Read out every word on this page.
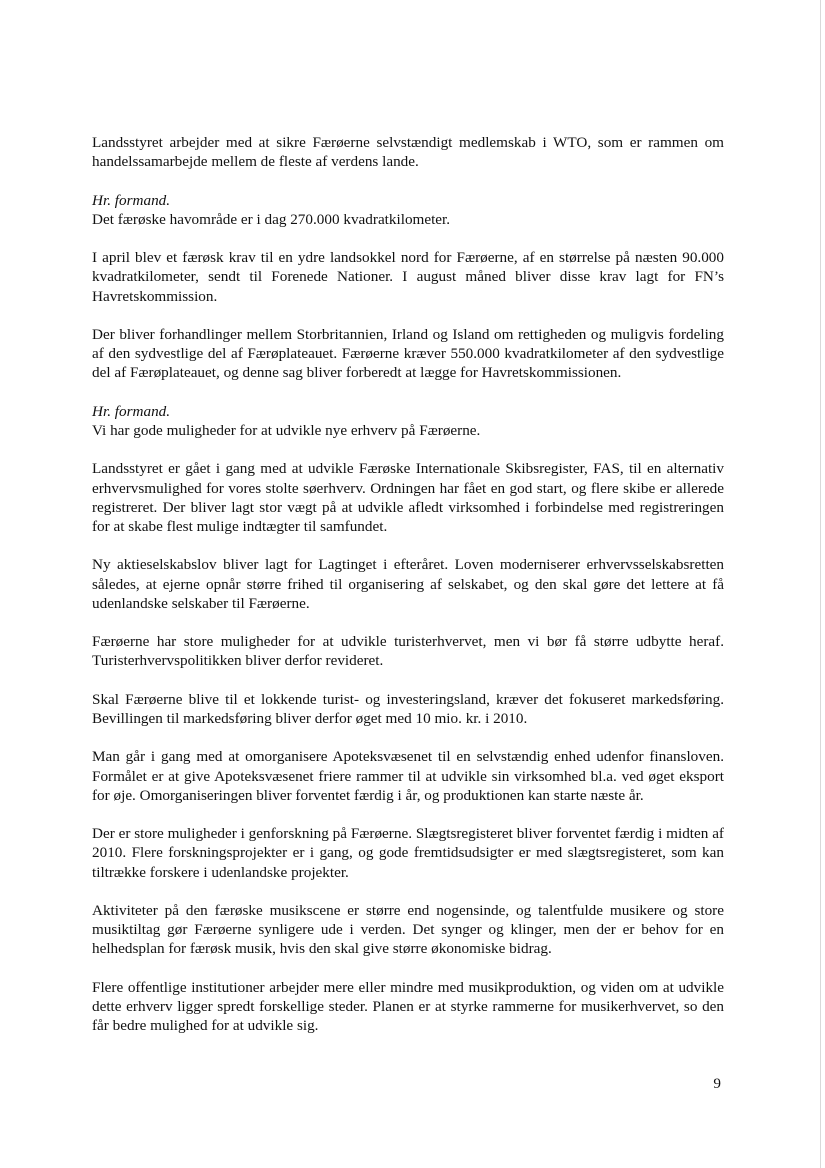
Landsstyret arbejder med at sikre Færøerne selvstændigt medlemskab i WTO, som er rammen om handelssamarbejde mellem de fleste af verdens lande.

Hr. formand.
Det færøske havområde er i dag 270.000 kvadratkilometer.

I april blev et færøsk krav til en ydre landsokkel nord for Færøerne, af en størrelse på næsten 90.000 kvadratkilometer, sendt til Forenede Nationer. I august måned bliver disse krav lagt for FN’s Havretskommission.

Der bliver forhandlinger mellem Storbritannien, Irland og Island om rettigheden og muligvis fordeling af den sydvestlige del af Færøplateauet. Færøerne kræver 550.000 kvadratkilometer af den sydvestlige del af Færøplateauet, og denne sag bliver forberedt at lægge for Havretskommissionen.

Hr. formand.
Vi har gode muligheder for at udvikle nye erhverv på Færøerne.

Landsstyret er gået i gang med at udvikle Færøske Internationale Skibsregister, FAS, til en alternativ erhvervsmulighed for vores stolte søerhverv. Ordningen har fået en god start, og flere skibe er allerede registreret. Der bliver lagt stor vægt på at udvikle afledt virksomhed i forbindelse med registreringen for at skabe flest mulige indtægter til samfundet.

Ny aktieselskabslov bliver lagt for Lagtinget i efteråret. Loven moderniserer erhvervsselskabsretten således, at ejerne opnår større frihed til organisering af selskabet, og den skal gøre det lettere at få udenlandske selskaber til Færøerne.

Færøerne har store muligheder for at udvikle turisterhvervet, men vi bør få større udbytte heraf. Turisterhvervspolitikken bliver derfor revideret.

Skal Færøerne blive til et lokkende turist- og investeringsland, kræver det fokuseret markedsføring. Bevillingen til markedsføring bliver derfor øget med 10 mio. kr. i 2010.

Man går i gang med at omorganisere Apoteksvæsenet til en selvstændig enhed udenfor finansloven. Formålet er at give Apoteksvæsenet friere rammer til at udvikle sin virksomhed bl.a. ved øget eksport for øje. Omorganiseringen bliver forventet færdig i år, og produktionen kan starte næste år.

Der er store muligheder i genforskning på Færøerne. Slægtsregisteret bliver forventet færdig i midten af 2010. Flere forskningsprojekter er i gang, og gode fremtidsudsigter er med slægtsregisteret, som kan tiltrække forskere i udenlandske projekter.

Aktiviteter på den færøske musikscene er større end nogensinde, og talentfulde musikere og store musiktiltag gør Færøerne synligere ude i verden. Det synger og klinger, men der er behov for en helhedsplan for færøsk musik, hvis den skal give større økonomiske bidrag.

Flere offentlige institutioner arbejder mere eller mindre med musikproduktion, og viden om at udvikle dette erhverv ligger spredt forskellige steder. Planen er at styrke rammerne for musikerhvervet, so den får bedre mulighed for at udvikle sig.

9
